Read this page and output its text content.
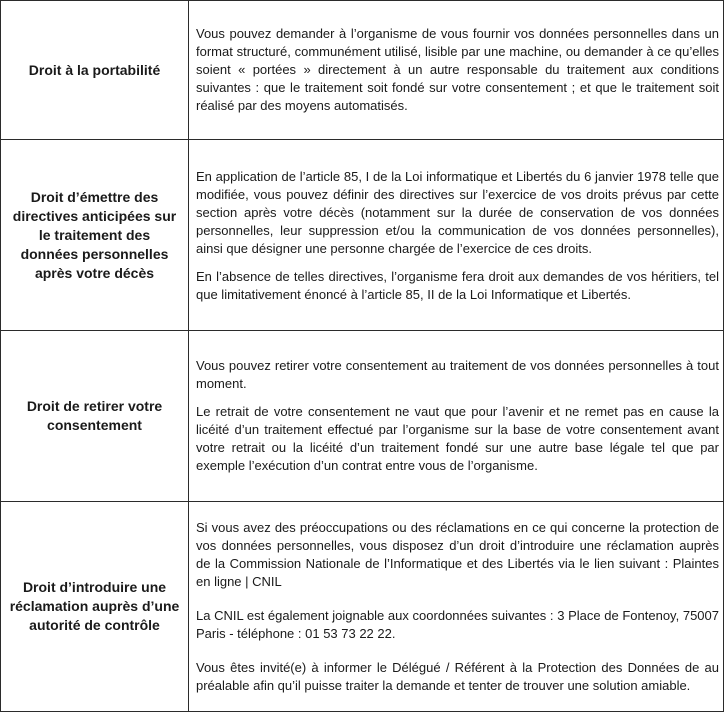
Droit à la portabilité	Vous pouvez demander à l’organisme de vous fournir vos données personnelles dans un format structuré, communément utilisé, lisible par une machine, ou demander à ce qu’elles soient « portées » directement à un autre responsable du traitement aux conditions suivantes : que le traitement soit fondé sur votre consentement ; et que le traitement soit réalisé par des moyens automatisés.

Droit d’émettre des directives anticipées sur le traitement des données personnelles après votre décès	En application de l’article 85, I de la Loi informatique et Libertés du 6 janvier 1978 telle que modifiée, vous pouvez définir des directives sur l’exercice de vos droits prévus par cette section après votre décès (notamment sur la durée de conservation de vos données personnelles, leur suppression et/ou la communication de vos données personnelles), ainsi que désigner une personne chargée de l’exercice de ces droits.

En l’absence de telles directives, l’organisme fera droit aux demandes de vos héritiers, tel que limitativement énoncé à l’article 85, II de la Loi Informatique et Libertés.

Droit de retirer votre consentement	Vous pouvez retirer votre consentement au traitement de vos données personnelles à tout moment.

Le retrait de votre consentement ne vaut que pour l’avenir et ne remet pas en cause la licéité d’un traitement effectué par l’organisme sur la base de votre consentement avant votre retrait ou la licéité d’un traitement fondé sur une autre base légale tel que par exemple l’exécution d’un contrat entre vous de l’organisme.

Droit d’introduire une réclamation auprès d’une autorité de contrôle	Si vous avez des préoccupations ou des réclamations en ce qui concerne la protection de vos données personnelles, vous disposez d’un droit d’introduire une réclamation auprès de la Commission Nationale de l’Informatique et des Libertés via le lien suivant : Plaintes en ligne | CNIL

La CNIL est également joignable aux coordonnées suivantes : 3 Place de Fontenoy, 75007 Paris - téléphone : 01 53 73 22 22.

Vous êtes invité(e) à informer le Délégué / Référent à la Protection des Données de au préalable afin qu’il puisse traiter la demande et tenter de trouver une solution amiable.
